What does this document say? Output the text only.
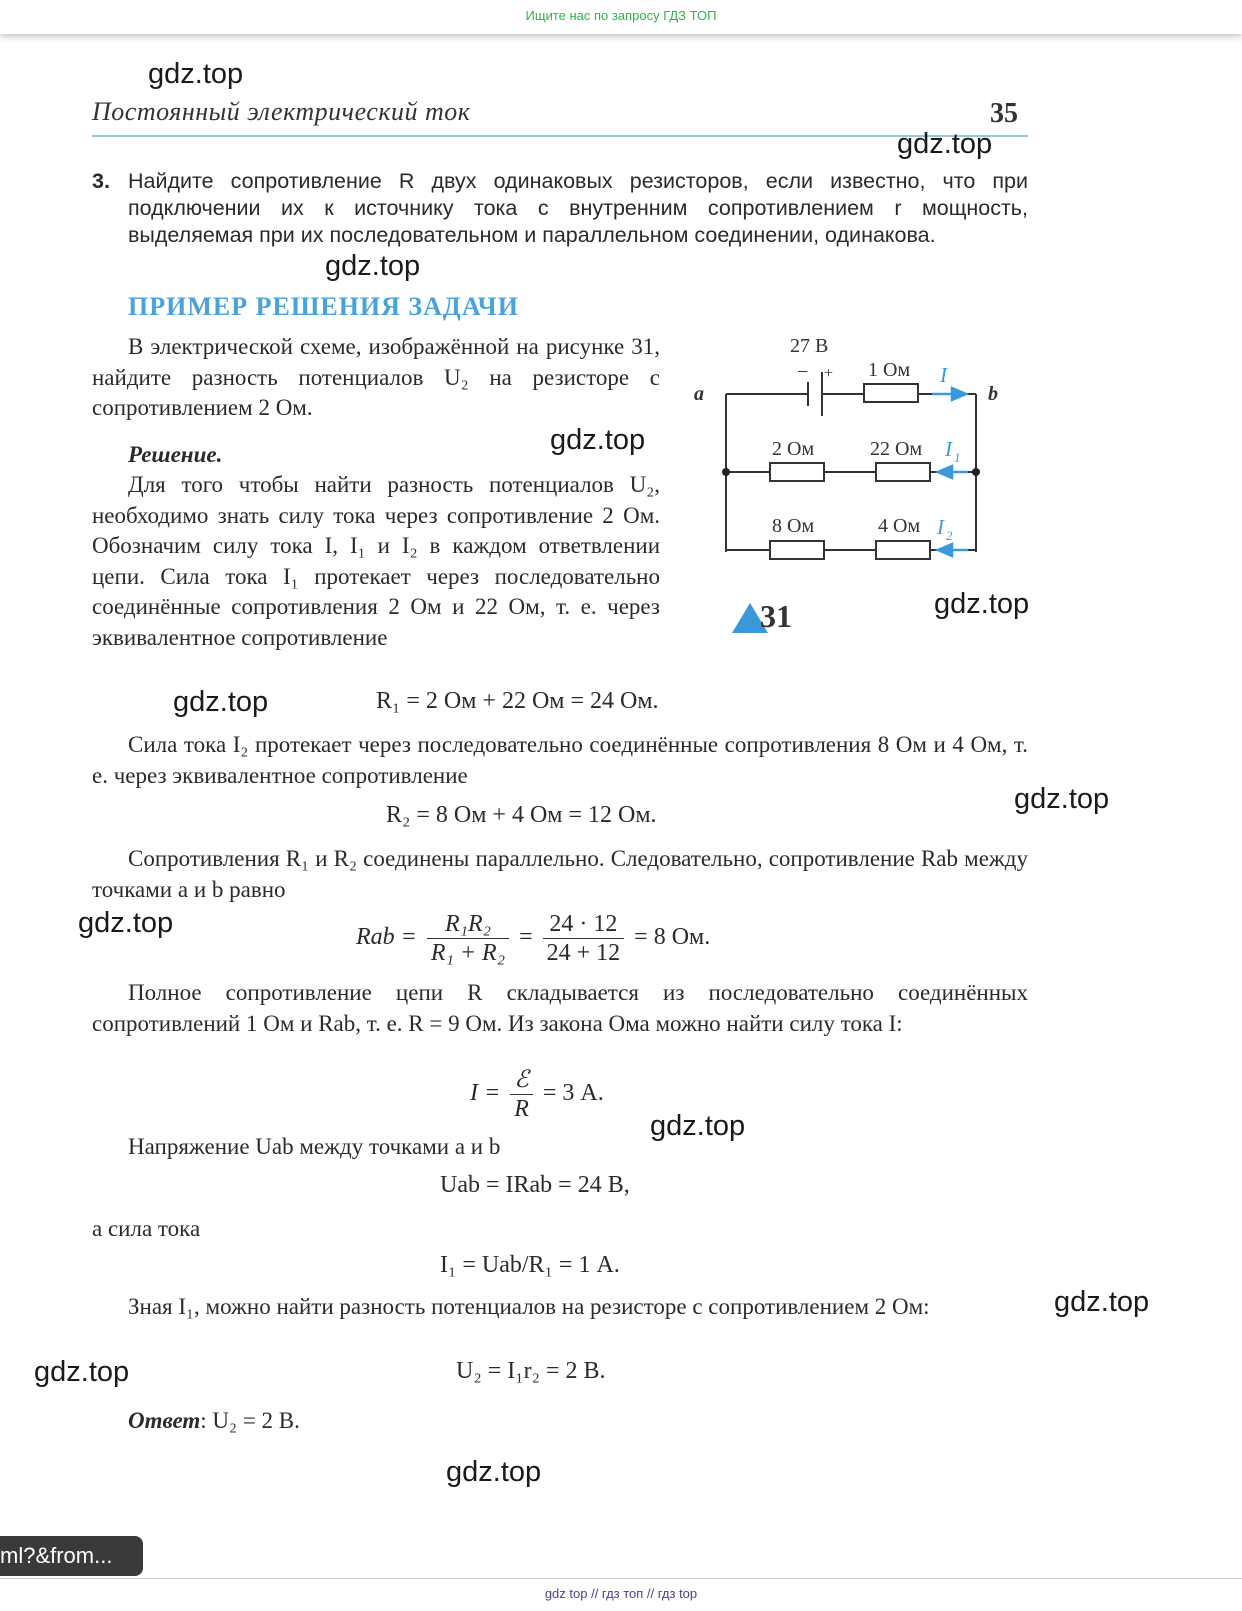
Ищите нас по запросу ГДЗ ТОП
Постоянный электрический ток	35
3. Найдите сопротивление R двух одинаковых резисторов, если известно, что при подключении их к источнику тока с внутренним сопротивлением r мощность, выделяемая при их последовательном и параллельном соединении, одинакова.
ПРИМЕР РЕШЕНИЯ ЗАДАЧИ

В электрической схеме, изображённой на рисунке 31, найдите разность потенциалов U₂ на резисторе с сопротивлением 2 Ом.

Решение.

Для того чтобы найти разность потенциалов U₂, необходимо знать силу тока через сопротивление 2 Ом. Обозначим силу тока I, I₁ и I₂ в каждом ответвлении цепи. Сила тока I₁ протекает через последовательно соединённые сопротивления 2 Ом и 22 Ом, т. е. через эквивалентное сопротивление

27 В
− + 1 Ом
2 Ом	22 Ом
8 Ом	4 Ом
a	b
I
I 1
I 2
31
R₁ = 2 Ом + 22 Ом = 24 Ом.

Сила тока I₂ протекает через последовательно соединённые сопротивления 8 Ом и 4 Ом, т. е. через эквивалентное сопротивление

R₂ = 8 Ом + 4 Ом = 12 Ом.

Сопротивления R₁ и R₂ соединены параллельно. Следовательно, сопротивление Rab между точками a и b равно

Rab = $\frac{\text{R₁R₂}}{\text{R₁ + R₂}} = \frac{24 \cdot 12}{24 + 12} = 8$ Ом.

Полное сопротивление цепи R складывается из последовательно соединённых сопротивлений 1 Ом и Rab, т. е. R = 9 Ом. Из закона Ома можно найти силу тока I:

$I = \frac{\text{ℰ}}{R} = 3$ А.

Напряжение Uab между точками a и b

Uab = IRab = 24 В,

а сила тока

I₁ = Uab/R₁ = 1 А.

Зная I₁, можно найти разность потенциалов на резисторе с сопротивлением 2 Ом:

U₂ = I₁r₂ = 2 В.

Ответ: U₂ = 2 В.

gdz.top
gdz.top
gdz.top
gdz.top
gdz.top
gdz.top
gdz.top
gdz.top
gdz.top
gdz.top
gdz.top
gdz.top
ml?&from...
gdz top // гдз топ // гдз top
